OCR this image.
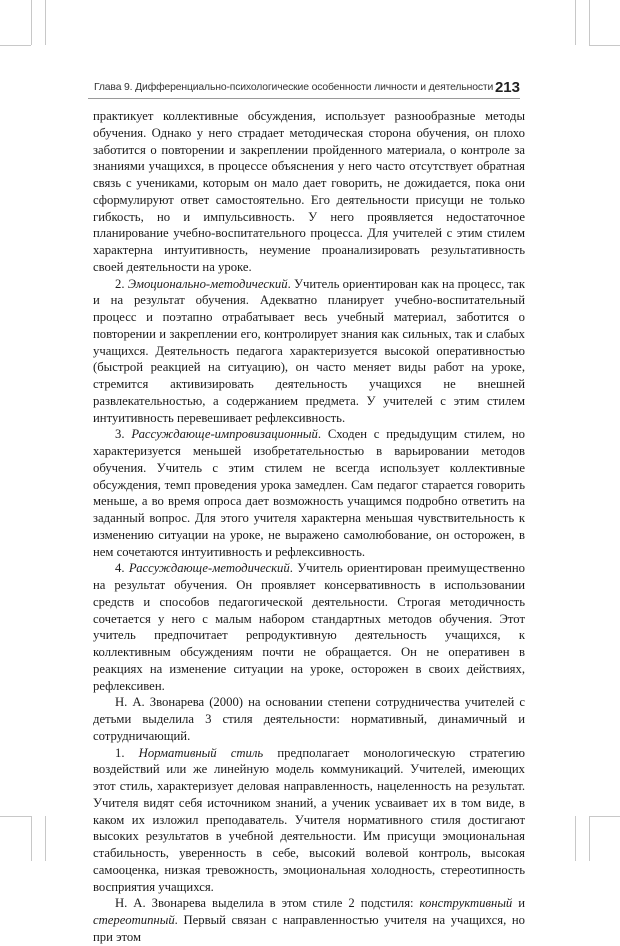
Глава 9. Дифференциально-психологические особенности личности и деятельности 213

практикует коллективные обсуждения, использует разнообразные методы обучения. Однако у него страдает методическая сторона обучения, он плохо заботится о повторении и закреплении пройденного материала, о контроле за знаниями учащихся, в процессе объяснения у него часто отсутствует обратная связь с учениками, которым он мало дает говорить, не дожидается, пока они сформулируют ответ самостоятельно. Его деятельности присущи не только гибкость, но и импульсивность. У него проявляется недостаточное планирование учебно-воспитательного процесса. Для учителей с этим стилем характерна интуитивность, неумение проанализировать результативность своей деятельности на уроке.

2. Эмоционально-методический. Учитель ориентирован как на процесс, так и на результат обучения. Адекватно планирует учебно-воспитательный процесс и поэтапно отрабатывает весь учебный материал, заботится о повторении и закреплении его, контролирует знания как сильных, так и слабых учащихся. Деятельность педагога характеризуется высокой оперативностью (быстрой реакцией на ситуацию), он часто меняет виды работ на уроке, стремится активизировать деятельность учащихся не внешней развлекательностью, а содержанием предмета. У учителей с этим стилем интуитивность перевешивает рефлексивность.

3. Рассуждающе-импровизационный. Сходен с предыдущим стилем, но характеризуется меньшей изобретательностью в варьировании методов обучения. Учитель с этим стилем не всегда использует коллективные обсуждения, темп проведения урока замедлен. Сам педагог старается говорить меньше, а во время опроса дает возможность учащимся подробно ответить на заданный вопрос. Для этого учителя характерна меньшая чувствительность к изменению ситуации на уроке, не выражено самолюбование, он осторожен, в нем сочетаются интуитивность и рефлексивность.

4. Рассуждающе-методический. Учитель ориентирован преимущественно на результат обучения. Он проявляет консервативность в использовании средств и способов педагогической деятельности. Строгая методичность сочетается у него с малым набором стандартных методов обучения. Этот учитель предпочитает репродуктивную деятельность учащихся, к коллективным обсуждениям почти не обращается. Он не оперативен в реакциях на изменение ситуации на уроке, осторожен в своих действиях, рефлексивен.

Н. А. Звонарева (2000) на основании степени сотрудничества учителей с детьми выделила 3 стиля деятельности: нормативный, динамичный и сотрудничающий.

1. Нормативный стиль предполагает монологическую стратегию воздействий или же линейную модель коммуникаций. Учителей, имеющих этот стиль, характеризует деловая направленность, нацеленность на результат. Учителя видят себя источником знаний, а ученик усваивает их в том виде, в каком их изложил преподаватель. Учителя нормативного стиля достигают высоких результатов в учебной деятельности. Им присущи эмоциональная стабильность, уверенность в себе, высокий волевой контроль, высокая самооценка, низкая тревожность, эмоциональная холодность, стереотипность восприятия учащихся.

Н. А. Звонарева выделила в этом стиле 2 подстиля: конструктивный и стереотипный. Первый связан с направленностью учителя на учащихся, но при этом
